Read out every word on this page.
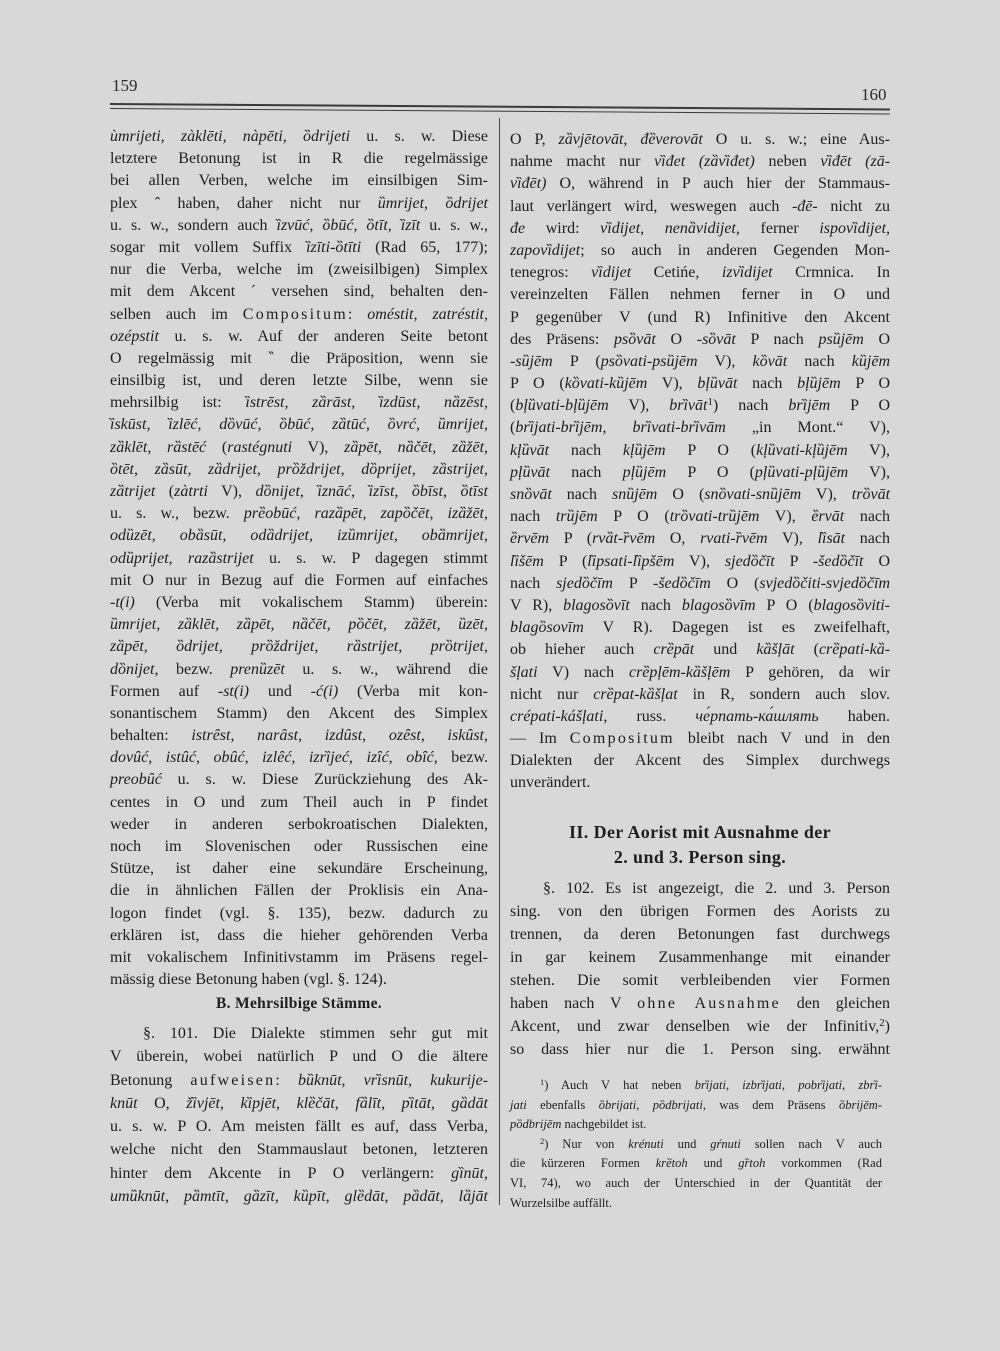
159	160
ùmrijeti, zàklēti, nàpēti, ȍdrijeti u. s. w. Diese
letztere Betonung ist in R die regelmässige
bei allen Verben, welche im einsilbigen Sim-
plex ˆ haben, daher nicht nur ȕmrijet, ȍdrijet
u. s. w., sondern auch ȉzvūć, ȍbūć, ȍtīt, ȉzīt u. s. w.,
sogar mit vollem Suffix ȉzīti-ȍtīti (Rad 65, 177);
nur die Verba, welche im (zweisilbigen) Simplex
mit dem Akcent ´ versehen sind, behalten den-
selben auch im Compositum: oméstit, zatréstit,
ozépstit u. s. w. Auf der anderen Seite betont
O regelmässig mit ‶ die Präposition, wenn sie
einsilbig ist, und deren letzte Silbe, wenn sie
mehrsilbig ist: ȉstrēst, zȁrāst, ȉzdūst, nȁzēst,
ȉskūst, ȉzlēć, dȍvūć, ȍbūć, zȁtūć, ȍvrć, ȕmrijet,
zȁklēt, rȁstēć (rastégnuti V), zȁpēt, nȁčēt, zȁžēt,
ȍtēt, zȁsūt, zȁdrijet, prȍždrijet, dȍprijet, zȁstrijet,
zȁtrijet (zàtrti V), dȍnijet, ȉznāć, ȉzīst, ȍbīst, ȍtīst
u. s. w., bezw. prȅobūć, razȁpēt, zapȍčēt, izȁžēt,
odȕzēt, obȁsūt, odȁdrijet, izȕmrijet, obȁmrijet,
odȕprijet, razȁstrijet u. s. w. P dagegen stimmt
mit O nur in Bezug auf die Formen auf einfaches
-t(i) (Verba mit vokalischem Stamm) überein:
ȕmrijet, zȁklēt, zȁpēt, nȁčēt, pȍčēt, zȁžēt, ȕzēt,
zȁpēt, ȍdrijet, prȍždrijet, rȁstrijet, prȍtrijet,
dȍnijet, bezw. prenȕzēt u. s. w., während die
Formen auf -st(i) und -ć(i) (Verba mit kon-
sonantischem Stamm) den Akcent des Simplex
behalten: istrȇst, narȃst, izdȗst, ozȇst, iskȗst,
dovȗć, istȗć, obȗć, izlȇć, izrȉjeć, izȋć, obȋć, bezw.
preobȗć u. s. w. Diese Zurückziehung des Ak-
centes in O und zum Theil auch in P findet
weder in anderen serbokroatischen Dialekten,
noch im Slovenischen oder Russischen eine
Stütze, ist daher eine sekundäre Erscheinung,
die in ähnlichen Fällen der Proklisis ein Ana-
logon findet (vgl. §. 135), bezw. dadurch zu
erklären ist, dass die hieher gehörenden Verba
mit vokalischem Infinitivstamm im Präsens regel-
mässig diese Betonung haben (vgl. §. 124).
B. Mehrsilbige Stämme.
§. 101. Die Dialekte stimmen sehr gut mit
V überein, wobei natürlich P und O die ältere
Betonung aufweisen: bȕknūt, vrȉsnūt, kukurije-
knūt O, žȉvjēt, kȉpjēt, klȅčāt, fȁlīt, pȉtāt, gȁdāt
u. s. w. P O. Am meisten fällt es auf, dass Verba,
welche nicht den Stammauslaut betonen, letzteren
hinter dem Akcente in P O verlängern: gȉnūt,
umȕknūt, pȁmtīt, gȁzīt, kȕpīt, glȅdāt, pȁdāt, lȁjāt
O P, zȁvjētovāt, đȅverovāt O u. s. w.; eine Aus-
nahme macht nur vȉđet (zȁvȉđet) neben vȉđēt (zā-
vȉđēt) O, während in P auch hier der Stammaus-
laut verlängert wird, weswegen auch -đē- nicht zu
đe wird: vȉdijet, nenȁvidijet, ferner ispovȉdijet,
zapovȉdijet; so auch in anderen Gegenden Mon-
tenegros: vȉdijet Cetińe, izvȉdijet Crmnica. In
vereinzelten Fällen nehmen ferner in O und
P gegenüber V (und R) Infinitive den Akcent
des Präsens: psȍvāt O -sȍvāt P nach psȕjēm O
-sȕjēm P (psȍvati-psȕjēm V), kȍvāt nach kȕjēm
P O (kȍvati-kȕjēm V), bļȕvāt nach bļȕjēm P O
(bļȕvati-bļȕjēm V), brȉvāt$^1$) nach brȉjēm P O
(brȉjati-brȉjēm, brȉvati-brȉvām „in Mont.“ V),
kļȕvāt nach kļȕjēm P O (kļȕvati-kļȕjēm V),
pļȕvāt nach pļȕjēm P O (pļȕvati-pļȕjēm V),
snȍvāt nach snȕjēm O (snȍvati-snȕjēm V), trȍvāt
nach trȕjēm P O (trȍvati-trȕjēm V), ȅrvāt nach
ȅrvēm P (rvȁt-ȑvēm O, rvati-ȑvēm V), lȉsāt nach
lȉšēm P (lȉpsati-lȉpšēm V), sjedȍčīt P -šedȍčīt O
nach sjedȍčīm P -šedȍčīm O (svjedȍčiti-svjedȍčīm
V R), blagosȍvīt nach blagosȍvīm P O (blagosȍviti-
blagȍsovīm V R). Dagegen ist es zweifelhaft,
ob hieher auch crȅpāt und kȁšļāt (crȅpati-kȁ-
šļati V) nach crȅpļēm-kȁšļēm P gehören, da wir
nicht nur crȅpat-kȁšļat in R, sondern auch slov.
crépati-kášļati, russ. че́рпать-ка́шлять haben.
— Im Compositum bleibt nach V und in den
Dialekten der Akcent des Simplex durchwegs
unverändert.
II. Der Aorist mit Ausnahme der
2. und 3. Person sing.
§. 102. Es ist angezeigt, die 2. und 3. Person
sing. von den übrigen Formen des Aorists zu
trennen, da deren Betonungen fast durchwegs
in gar keinem Zusammenhange mit einander
stehen. Die somit verbleibenden vier Formen
haben nach V ohne Ausnahme den gleichen
Akcent, und zwar denselben wie der Infinitiv,$^2$)
so dass hier nur die 1. Person sing. erwähnt
$^1$) Auch V hat neben brȉjati, izbrȉjati, pobrȉjati, zbrȉ-
jati ebenfalls ȍbrijati, pȍdbrijati, was dem Präsens ȍbrijēm-
pȍdbrijēm nachgebildet ist.
$^2$) Nur von krénuti und gŕnuti sollen nach V auch
die kürzeren Formen krȅtoh und gȑtoh vorkommen (Rad
VI, 74), wo auch der Unterschied in der Quantität der
Wurzelsilbe auffällt.
